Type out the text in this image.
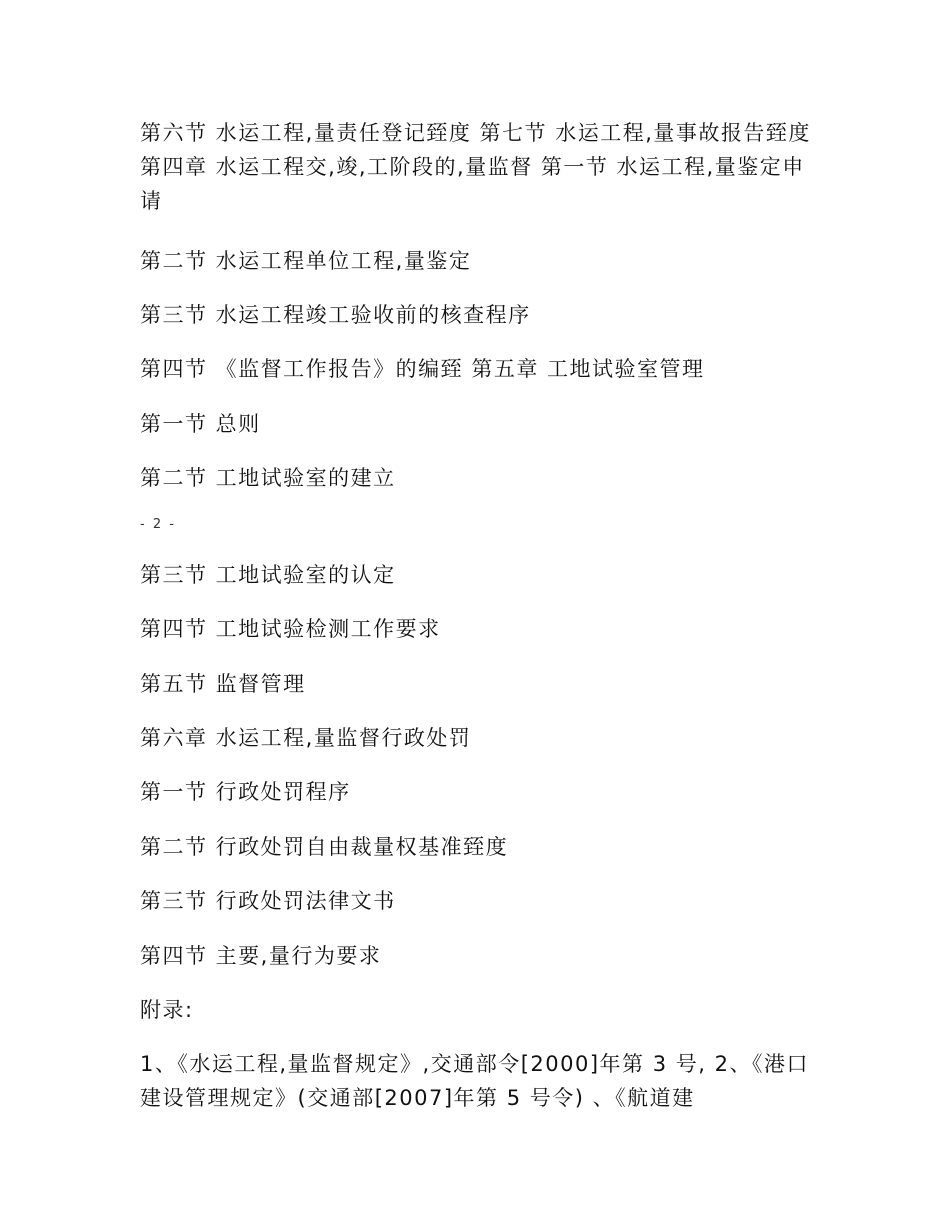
第六节 水运工程,量责任登记臸度 第七节 水运工程,量事故报告臸度 第四章 水运工程交,竣,工阶段的,量监督 第一节 水运工程,量鉴定申请
第二节 水运工程单位工程,量鉴定
第三节 水运工程竣工验收前的核查程序
第四节 《监督工作报告》的编臸 第五章 工地试验室管理
第一节 总则
第二节 工地试验室的建立
- 2 -
第三节 工地试验室的认定
第四节 工地试验检测工作要求
第五节 监督管理
第六章 水运工程,量监督行政处罚
第一节 行政处罚程序
第二节 行政处罚自由裁量权基准臸度
第三节 行政处罚法律文书
第四节 主要,量行为要求
附录:
1、《水运工程,量监督规定》,交通部令[2000]年第 3 号, 2、《港口建设管理规定》(交通部[2007]年第 5 号令) 、《航道建
